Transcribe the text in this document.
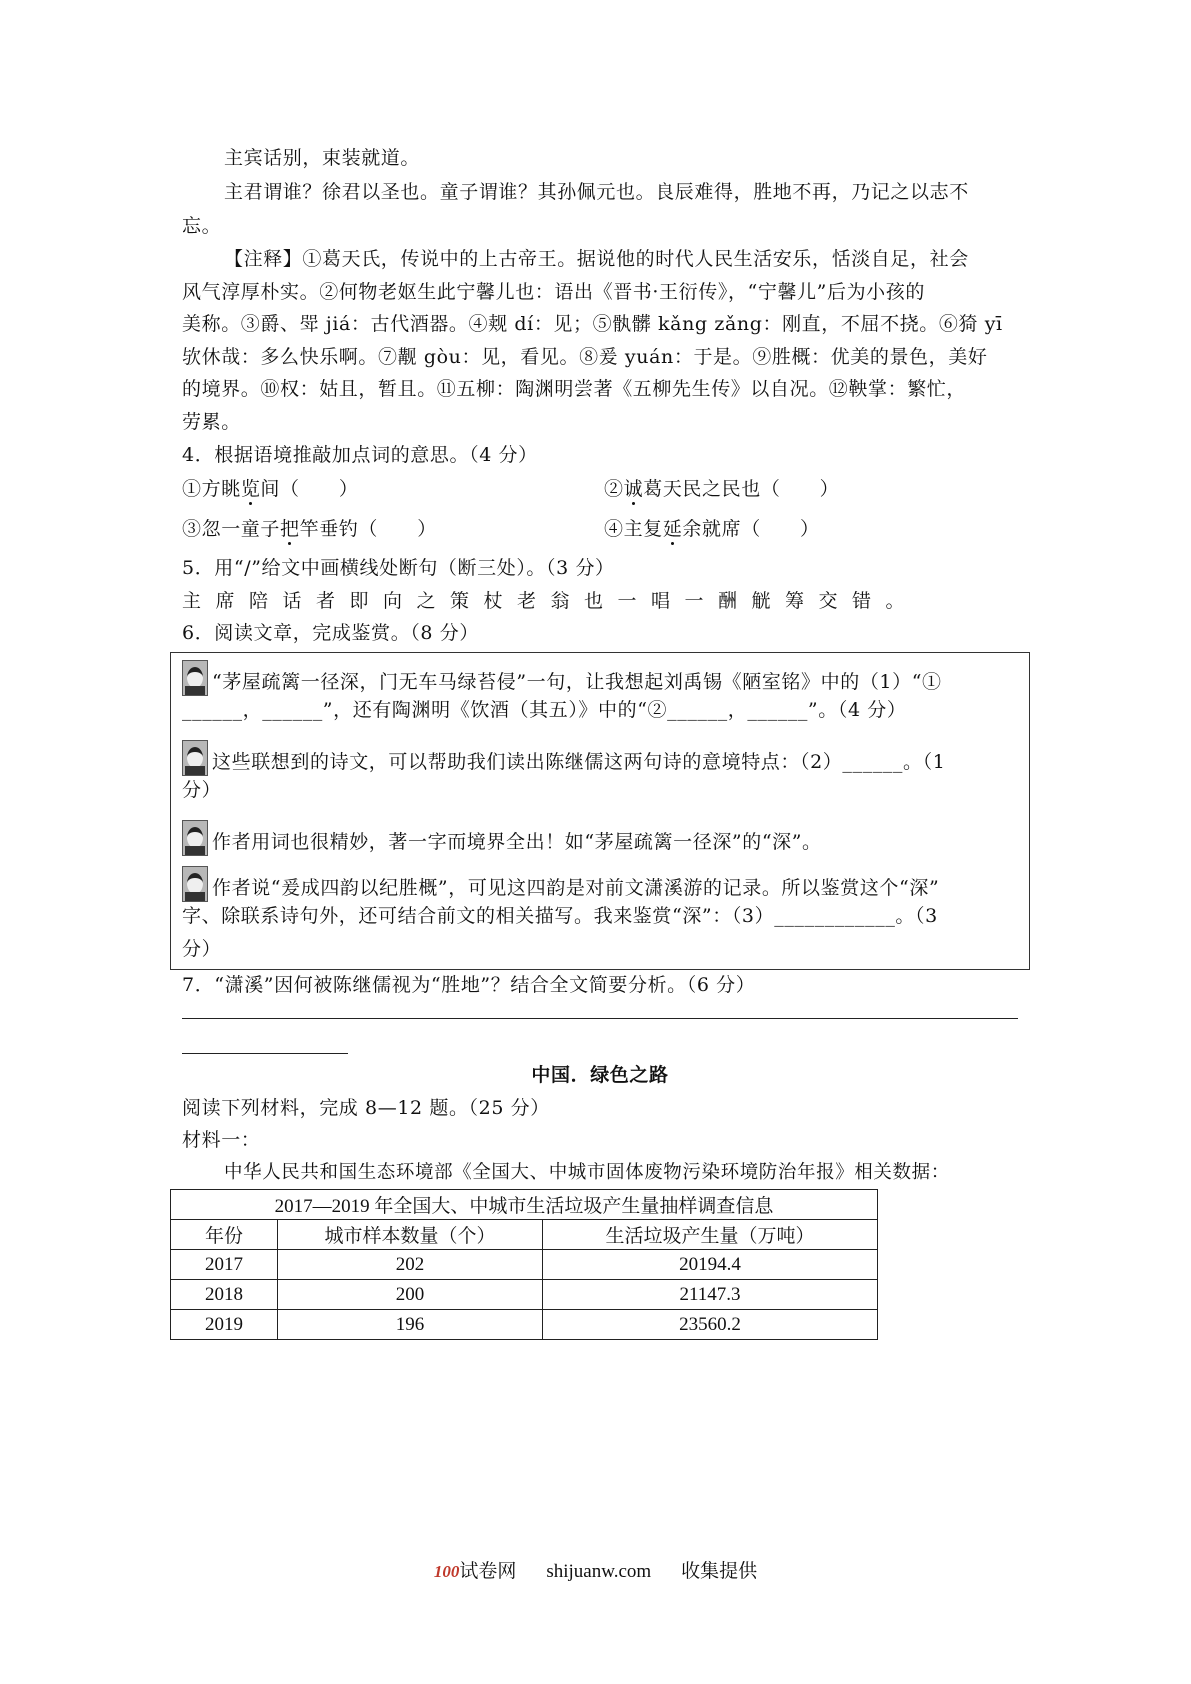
主宾话别，束装就道。
主君谓谁？徐君以圣也。童子谓谁？其孙佩元也。良辰难得，胜地不再，乃记之以志不
忘。
【注释】①葛天氏，传说中的上古帝王。据说他的时代人民生活安乐，恬淡自足，社会
风气淳厚朴实。②何物老妪生此宁馨儿也：语出《晋书·王衍传》，“宁馨儿”后为小孩的
美称。③爵、斝 jiá：古代酒器。④觌 dí：见；⑤骫髒 kǎng zǎng：刚直，不屈不挠。⑥猗 yī
欤休哉：多么快乐啊。⑦觏 gòu：见，看见。⑧爰 yuán：于是。⑨胜概：优美的景色，美好
的境界。⑩权：姑且，暂且。⑪五柳：陶渊明尝著《五柳先生传》以自况。⑫鞅掌：繁忙，
劳累。
4．根据语境推敲加点词的意思。（4 分）
①方眺览间（　　）	②诚葛天民之民也（　　）
③忽一童子把竿垂钓（　　）	④主复延余就席（　　）
5．用“/”给文中画横线处断句（断三处）。（3 分）
主席陪话者即向之策杖老翁也一唱一酬觥筹交错。
6．阅读文章，完成鉴赏。（8 分）
“茅屋疏篱一径深，门无车马绿苔侵”一句，让我想起刘禹锡《陋室铭》中的（1）“①
______，______”，还有陶渊明《饮酒（其五）》中的“②______，______”。（4 分）
这些联想到的诗文，可以帮助我们读出陈继儒这两句诗的意境特点：（2）______。（1
分）
作者用词也很精妙，著一字而境界全出！如“茅屋疏篱一径深”的“深”。
作者说“爰成四韵以纪胜概”，可见这四韵是对前文潇溪游的记录。所以鉴赏这个“深”
字、除联系诗句外，还可结合前文的相关描写。我来鉴赏“深”：（3）____________。（3
分）
7．“潇溪”因何被陈继儒视为“胜地”？结合全文简要分析。（6 分）
中国．绿色之路
阅读下列材料，完成 8—12 题。（25 分）
材料一：
中华人民共和国生态环境部《全国大、中城市固体废物污染环境防治年报》相关数据：
2017—2019 年全国大、中城市生活垃圾产生量抽样调查信息		
年份	城市样本数量（个）	生活垃圾产生量（万吨）
2017	202	20194.4
2018	200	21147.3
2019	196	23560.2
100试卷网 shijuanw.com 收集提供
